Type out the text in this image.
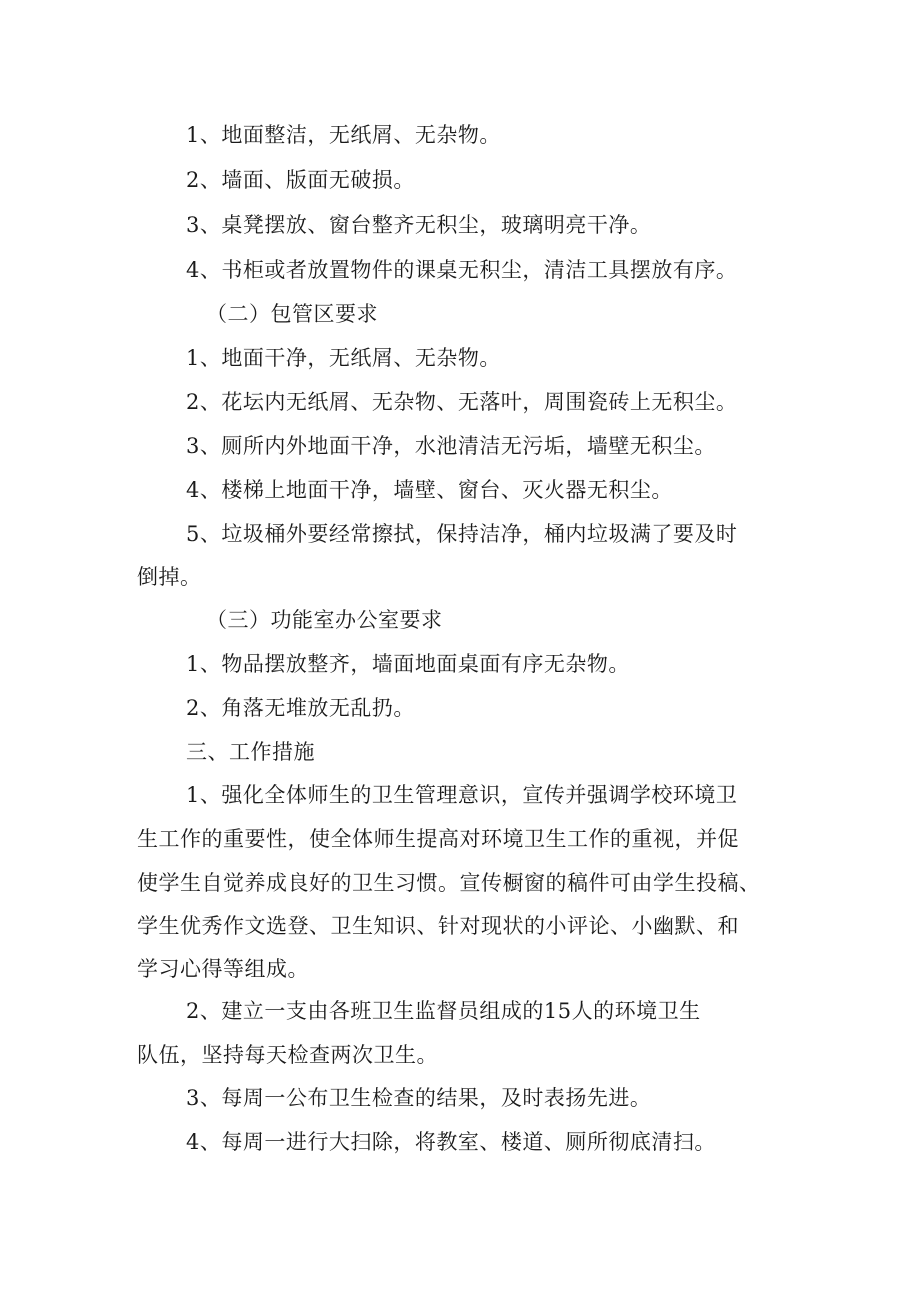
1、地面整洁，无纸屑、无杂物。
2、墙面、版面无破损。
3、桌凳摆放、窗台整齐无积尘，玻璃明亮干净。
4、书柜或者放置物件的课桌无积尘，清洁工具摆放有序。
（二）包管区要求
1、地面干净，无纸屑、无杂物。
2、花坛内无纸屑、无杂物、无落叶，周围瓷砖上无积尘。
3、厕所内外地面干净，水池清洁无污垢，墙壁无积尘。
4、楼梯上地面干净，墙壁、窗台、灭火器无积尘。
5、垃圾桶外要经常擦拭，保持洁净，桶内垃圾满了要及时
倒掉。
（三）功能室办公室要求
1、物品摆放整齐，墙面地面桌面有序无杂物。
2、角落无堆放无乱扔。
三、工作措施
1、强化全体师生的卫生管理意识，宣传并强调学校环境卫
生工作的重要性，使全体师生提高对环境卫生工作的重视，并促
使学生自觉养成良好的卫生习惯。宣传橱窗的稿件可由学生投稿、
学生优秀作文选登、卫生知识、针对现状的小评论、小幽默、和
学习心得等组成。
2、建立一支由各班卫生监督员组成的15人的环境卫生
队伍，坚持每天检查两次卫生。
3、每周一公布卫生检查的结果，及时表扬先进。
4、每周一进行大扫除，将教室、楼道、厕所彻底清扫。
